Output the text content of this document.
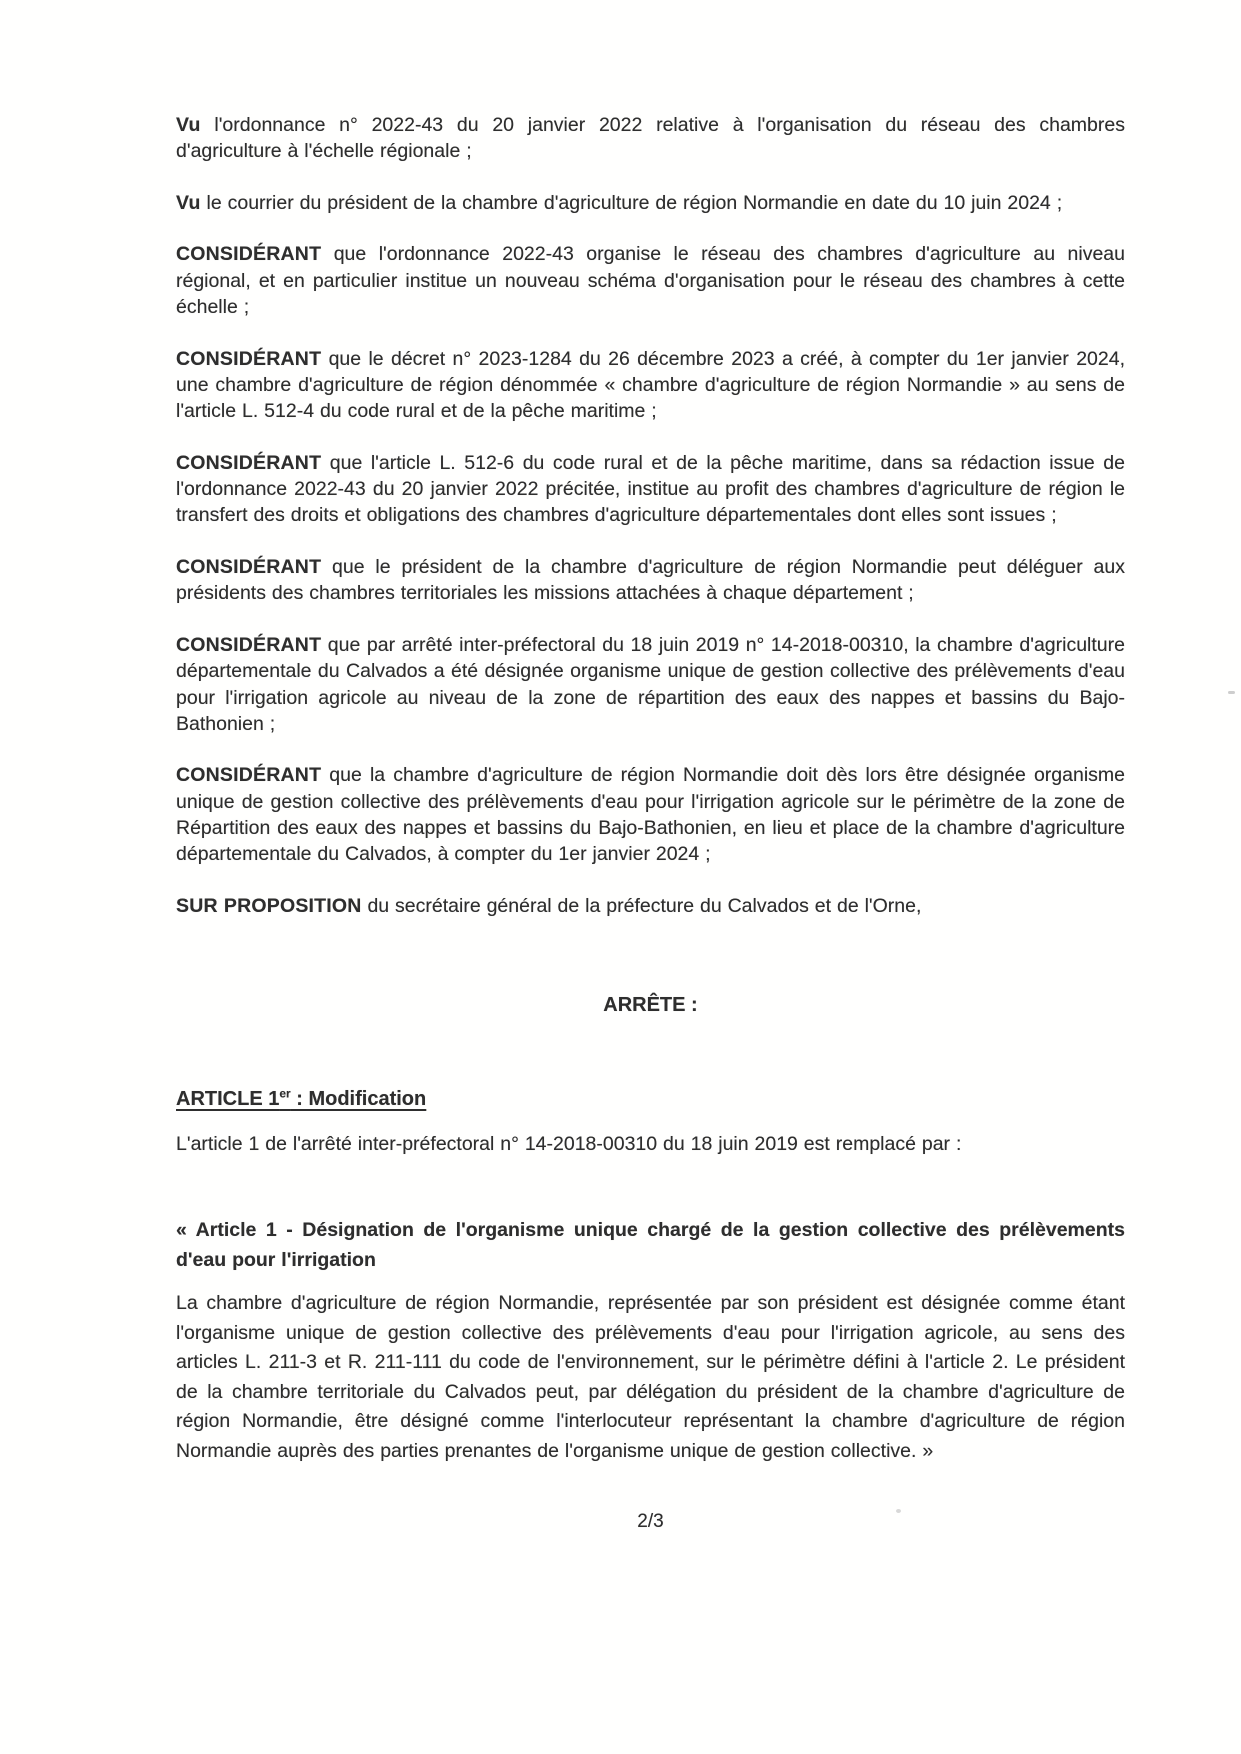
Vu l'ordonnance n° 2022-43 du 20 janvier 2022 relative à l'organisation du réseau des chambres d'agriculture à l'échelle régionale ;

Vu le courrier du président de la chambre d'agriculture de région Normandie en date du 10 juin 2024 ;

CONSIDÉRANT que l'ordonnance 2022-43 organise le réseau des chambres d'agriculture au niveau régional, et en particulier institue un nouveau schéma d'organisation pour le réseau des chambres à cette échelle ;

CONSIDÉRANT que le décret n° 2023-1284 du 26 décembre 2023 a créé, à compter du 1er janvier 2024, une chambre d'agriculture de région dénommée « chambre d'agriculture de région Normandie » au sens de l'article L. 512-4 du code rural et de la pêche maritime ;

CONSIDÉRANT que l'article L. 512-6 du code rural et de la pêche maritime, dans sa rédaction issue de l'ordonnance 2022-43 du 20 janvier 2022 précitée, institue au profit des chambres d'agriculture de région le transfert des droits et obligations des chambres d'agriculture départementales dont elles sont issues ;

CONSIDÉRANT que le président de la chambre d'agriculture de région Normandie peut déléguer aux présidents des chambres territoriales les missions attachées à chaque département ;

CONSIDÉRANT que par arrêté inter-préfectoral du 18 juin 2019 n° 14-2018-00310, la chambre d'agriculture départementale du Calvados a été désignée organisme unique de gestion collective des prélèvements d'eau pour l'irrigation agricole au niveau de la zone de répartition des eaux des nappes et bassins du Bajo-Bathonien ;

CONSIDÉRANT que la chambre d'agriculture de région Normandie doit dès lors être désignée organisme unique de gestion collective des prélèvements d'eau pour l'irrigation agricole sur le périmètre de la zone de Répartition des eaux des nappes et bassins du Bajo-Bathonien, en lieu et place de la chambre d'agriculture départementale du Calvados, à compter du 1er janvier 2024 ;

SUR PROPOSITION du secrétaire général de la préfecture du Calvados et de l'Orne,

ARRÊTE :

ARTICLE 1er : Modification

L'article 1 de l'arrêté inter-préfectoral n° 14-2018-00310 du 18 juin 2019 est remplacé par :

« Article 1 - Désignation de l'organisme unique chargé de la gestion collective des prélèvements d'eau pour l'irrigation

La chambre d'agriculture de région Normandie, représentée par son président est désignée comme étant l'organisme unique de gestion collective des prélèvements d'eau pour l'irrigation agricole, au sens des articles L. 211-3 et R. 211-111 du code de l'environnement, sur le périmètre défini à l'article 2. Le président de la chambre territoriale du Calvados peut, par délégation du président de la chambre d'agriculture de région Normandie, être désigné comme l'interlocuteur représentant la chambre d'agriculture de région Normandie auprès des parties prenantes de l'organisme unique de gestion collective. »

2/3
